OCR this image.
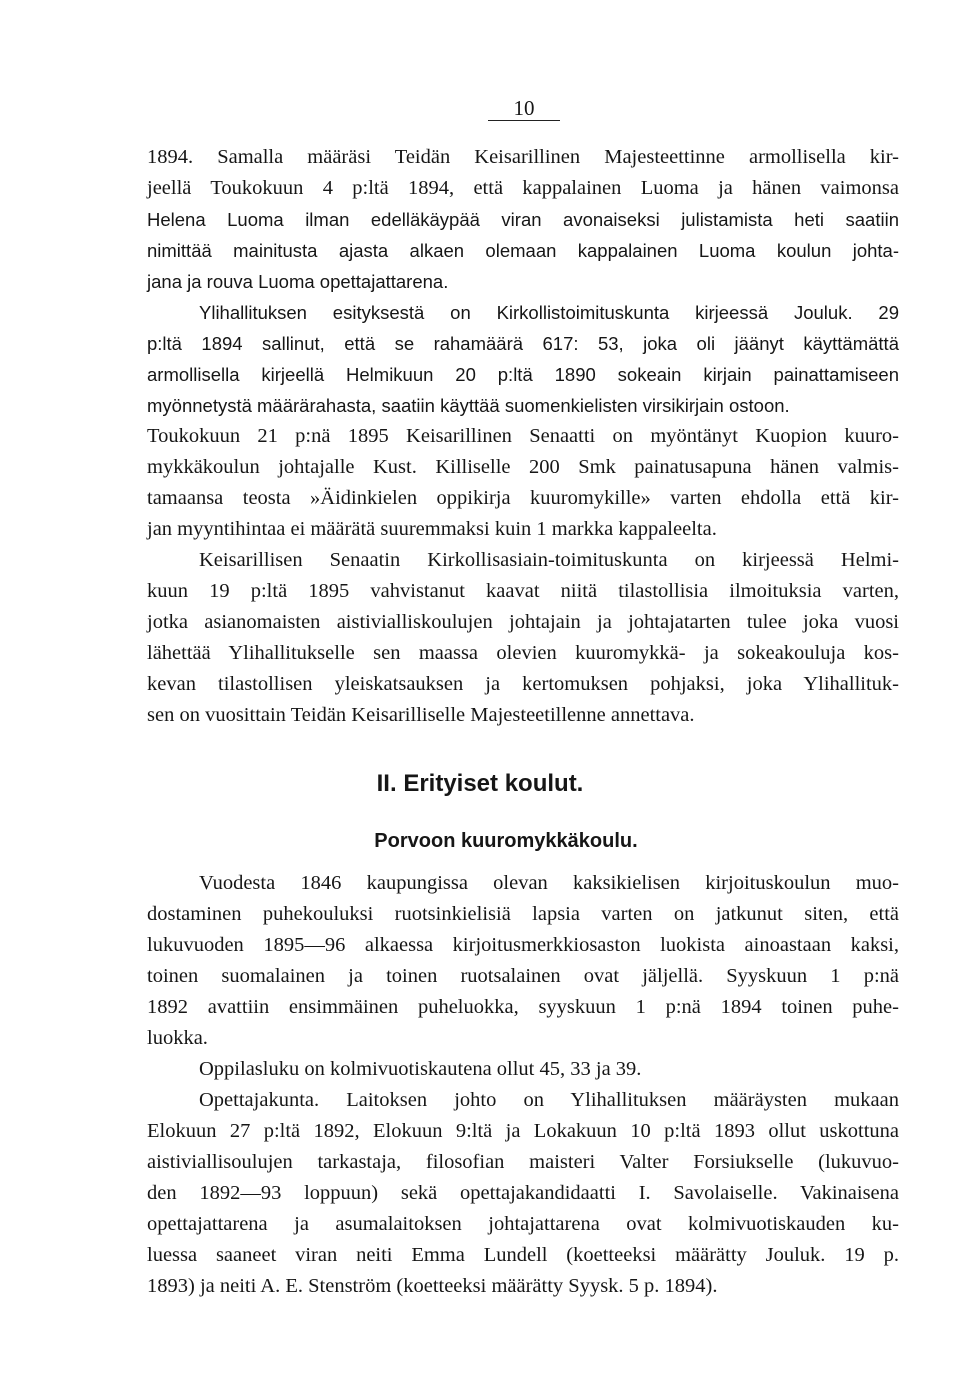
10
1894. Samalla määräsi Teidän Keisarillinen Majesteettinne armollisella kir-
jeellä Toukokuun 4 p:ltä 1894, että kappalainen Luoma ja hänen vaimonsa
Helena Luoma ilman edelläkäypää viran avonaiseksi julistamista heti saatiin
nimittää mainitusta ajasta alkaen olemaan kappalainen Luoma koulun johta-
jana ja rouva Luoma opettajattarena.
Ylihallituksen esityksestä on Kirkollistoimituskunta kirjeessä Jouluk. 29
p:ltä 1894 sallinut, että se rahamäärä 617: 53, joka oli jäänyt käyttämättä
armollisella kirjeellä Helmikuun 20 p:ltä 1890 sokeain kirjain painattamiseen
myönnetystä määrärahasta, saatiin käyttää suomenkielisten virsikirjain ostoon.
Toukokuun 21 p:nä 1895 Keisarillinen Senaatti on myöntänyt Kuopion kuuro-
mykkäkoulun johtajalle Kust. Killiselle 200 Smk painatusapuna hänen valmis-
tamaansa teosta »Äidinkielen oppikirja kuuromykille» varten ehdolla että kir-
jan myyntihintaa ei määrätä suuremmaksi kuin 1 markka kappaleelta.
Keisarillisen Senaatin Kirkollisasiain-toimituskunta on kirjeessä Helmi-
kuun 19 p:ltä 1895 vahvistanut kaavat niitä tilastollisia ilmoituksia varten,
jotka asianomaisten aistivialliskoulujen johtajain ja johtajatarten tulee joka vuosi
lähettää Ylihallitukselle sen maassa olevien kuuromykkä- ja sokeakouluja kos-
kevan tilastollisen yleiskatsauksen ja kertomuksen pohjaksi, joka Ylihallituk-
sen on vuosittain Teidän Keisarilliselle Majesteetillenne annettava.
II. Erityiset koulut.
Porvoon kuuromykkäkoulu.
Vuodesta 1846 kaupungissa olevan kaksikielisen kirjoituskoulun muo-
dostaminen puhekouluksi ruotsinkielisiä lapsia varten on jatkunut siten, että
lukuvuoden 1895—96 alkaessa kirjoitusmerkkiosaston luokista ainoastaan kaksi,
toinen suomalainen ja toinen ruotsalainen ovat jäljellä. Syyskuun 1 p:nä
1892 avattiin ensimmäinen puheluokka, syyskuun 1 p:nä 1894 toinen puhe-
luokka.
Oppilasluku on kolmivuotiskautena ollut 45, 33 ja 39.
Opettajakunta. Laitoksen johto on Ylihallituksen määräysten mukaan
Elokuun 27 p:ltä 1892, Elokuun 9:ltä ja Lokakuun 10 p:ltä 1893 ollut uskottuna
aistiviallisoulujen tarkastaja, filosofian maisteri Valter Forsiukselle (lukuvuo-
den 1892—93 loppuun) sekä opettajakandidaatti I. Savolaiselle. Vakinaisena
opettajattarena ja asumalaitoksen johtajattarena ovat kolmivuotiskauden ku-
luessa saaneet viran neiti Emma Lundell (koetteeksi määrätty Jouluk. 19 p.
1893) ja neiti A. E. Stenström (koetteeksi määrätty Syysk. 5 p. 1894).
